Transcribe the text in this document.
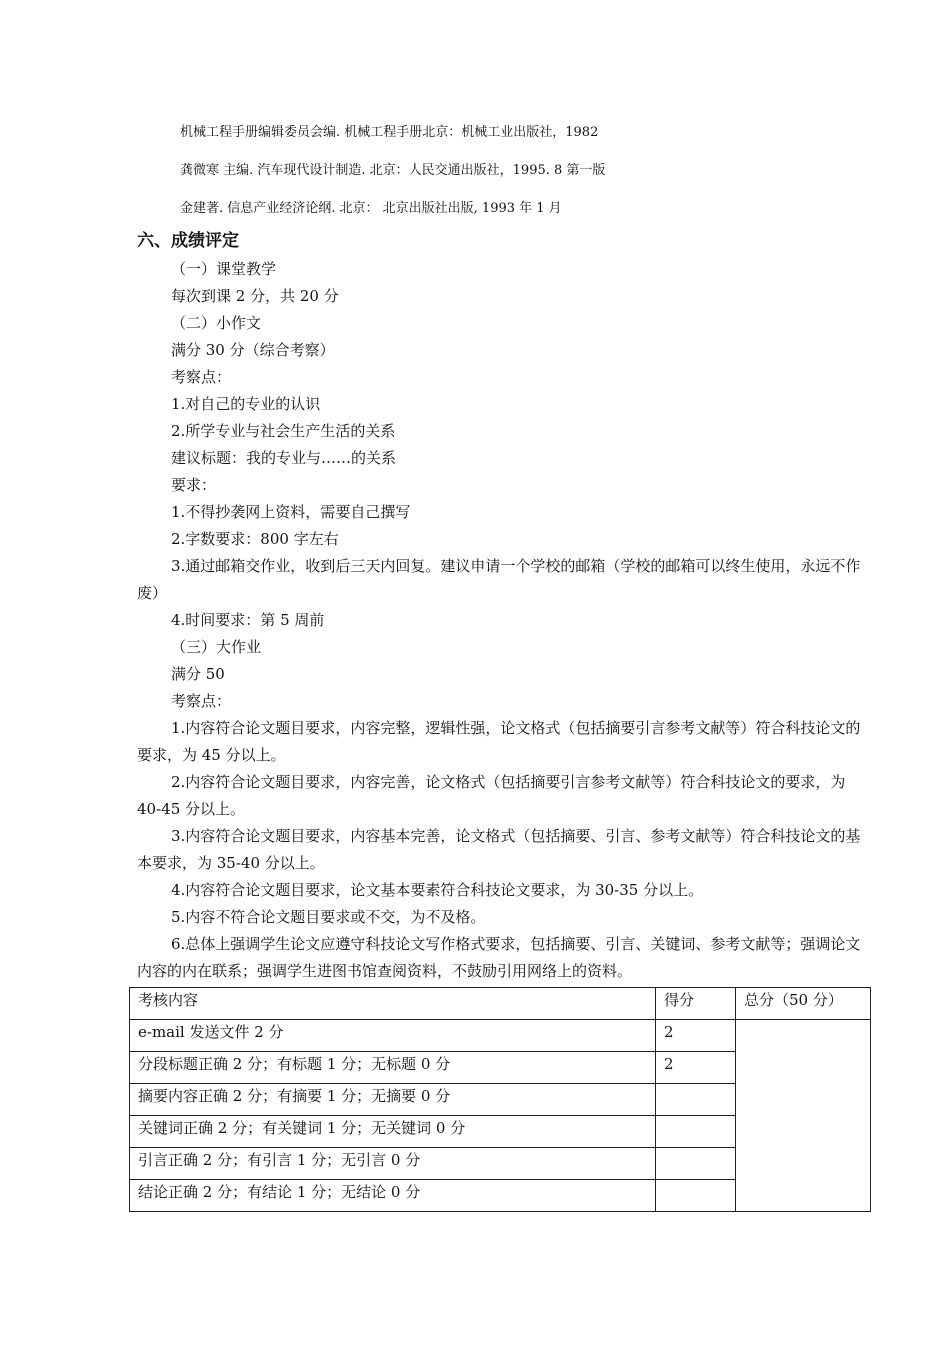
机械工程手册编辑委员会编. 机械工程手册北京：机械工业出版社，1982

龚微寒 主编. 汽车现代设计制造. 北京：人民交通出版社，1995. 8 第一版

金建著. 信息产业经济论纲. 北京： 北京出版社出版, 1993 年 1 月

六、成绩评定

（一）课堂教学

每次到课 2 分，共 20 分

（二）小作文

满分 30 分（综合考察）

考察点：

1.对自己的专业的认识

2.所学专业与社会生产生活的关系

建议标题：我的专业与……的关系

要求：

1.不得抄袭网上资料，需要自己撰写

2.字数要求：800 字左右

3.通过邮箱交作业，收到后三天内回复。建议申请一个学校的邮箱（学校的邮箱可以终生使用，永远不作废）

4.时间要求：第 5 周前

（三）大作业

满分 50

考察点：

1.内容符合论文题目要求，内容完整，逻辑性强，论文格式（包括摘要引言参考文献等）符合科技论文的要求，为 45 分以上。

2.内容符合论文题目要求，内容完善，论文格式（包括摘要引言参考文献等）符合科技论文的要求，为 40-45 分以上。

3.内容符合论文题目要求，内容基本完善，论文格式（包括摘要、引言、参考文献等）符合科技论文的基本要求，为 35-40 分以上。

4.内容符合论文题目要求，论文基本要素符合科技论文要求，为 30-35 分以上。

5.内容不符合论文题目要求或不交，为不及格。

6.总体上强调学生论文应遵守科技论文写作格式要求，包括摘要、引言、关键词、参考文献等；强调论文内容的内在联系；强调学生进图书馆查阅资料，不鼓励引用网络上的资料。

考核内容	得分	总分（50 分）
e-mail 发送文件 2 分	2	
分段标题正确 2 分；有标题 1 分；无标题 0 分	2	
摘要内容正确 2 分；有摘要 1 分；无摘要 0 分		
关键词正确 2 分；有关键词 1 分；无关键词 0 分		
引言正确 2 分；有引言 1 分；无引言 0 分		
结论正确 2 分；有结论 1 分；无结论 0 分		
